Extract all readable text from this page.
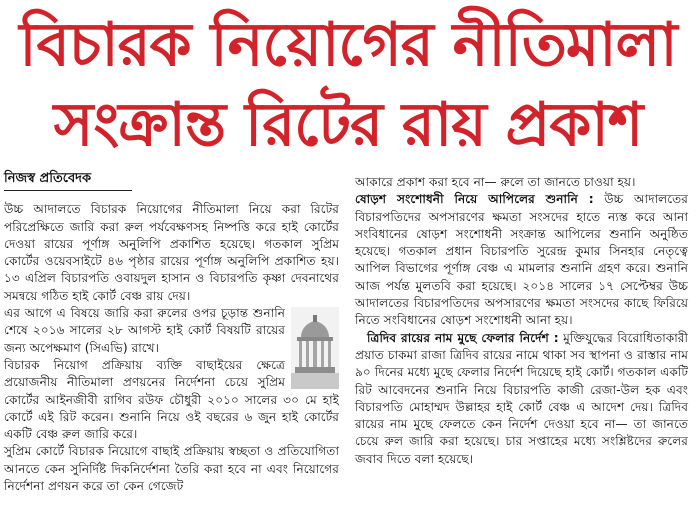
বিচারক নিয়োগের নীতিমালা
সংক্রান্ত রিটের রায় প্রকাশ
নিজস্ব প্রতিবেদক

উচ্চ আদালতে বিচারক নিয়োগের নীতিমালা নিয়ে করা রিটের পরিপ্রেক্ষিতে জারি করা রুল পর্যবেক্ষণসহ নিষ্পত্তি করে হাই কোর্টের দেওয়া রায়ের পূর্ণাঙ্গ অনুলিপি প্রকাশিত হয়েছে। গতকাল সুপ্রিম কোর্টের ওয়েবসাইটে ৪৬ পৃষ্ঠার রায়ের পূর্ণাঙ্গ অনুলিপি প্রকাশিত হয়। ১৩ এপ্রিল বিচারপতি ওবায়দুল হাসান ও বিচারপতি কৃষ্ণা দেবনাথের সমন্বয়ে গঠিত হাই কোর্ট বেঞ্চ রায় দেয়।

এর আগে এ বিষয়ে জারি করা রুলের ওপর চূড়ান্ত শুনানি শেষে ২০১৬ সালের ২৮ আগস্ট হাই কোর্ট বিষয়টি রায়ের জন্য অপেক্ষমাণ (সিএভি) রাখে।

বিচারক নিয়োগ প্রক্রিয়ায় ব্যক্তি বাছাইয়ের ক্ষেত্রে প্রয়োজনীয় নীতিমালা প্রণয়নের নির্দেশনা চেয়ে সুপ্রিম কোর্টের আইনজীবী রাগিব রউফ চৌধুরী ২০১০ সালের ৩০ মে হাই কোর্টে এই রিট করেন। শুনানি নিয়ে ওই বছরের ৬ জুন হাই কোর্টের একটি বেঞ্চ রুল জারি করে।

সুপ্রিম কোর্টে বিচারক নিয়োগে বাছাই প্রক্রিয়ায় স্বচ্ছতা ও প্রতিযোগিতা আনতে কেন সুনির্দিষ্ট দিকনির্দেশনা তৈরি করা হবে না এবং নিয়োগের নির্দেশনা প্রণয়ন করে তা কেন গেজেট

আকারে প্রকাশ করা হবে না— রুলে তা জানতে চাওয়া হয়।

ষোড়শ সংশোধনী নিয়ে আপিলের শুনানি : উচ্চ আদালতের বিচারপতিদের অপসারণের ক্ষমতা সংসদের হাতে ন্যস্ত করে আনা সংবিধানের ষোড়শ সংশোধনী সংক্রান্ত আপিলের শুনানি অনুষ্ঠিত হয়েছে। গতকাল প্রধান বিচারপতি সুরেন্দ্র কুমার সিনহার নেতৃত্বে আপিল বিভাগের পূর্ণাঙ্গ বেঞ্চ এ মামলার শুনানি গ্রহণ করে। শুনানি আজ পর্যন্ত মুলতবি করা হয়েছে। ২০১৪ সালের ১৭ সেপ্টেম্বর উচ্চ আদালতের বিচারপতিদের অপসারণের ক্ষমতা সংসদের কাছে ফিরিয়ে নিতে সংবিধানের ষোড়শ সংশোধনী আনা হয়।

ত্রিদিব রায়ের নাম মুছে ফেলার নির্দেশ : মুক্তিযুদ্ধের বিরোধিতাকারী প্রয়াত চাকমা রাজা ত্রিদিব রায়ের নামে থাকা সব স্থাপনা ও রাস্তার নাম ৯০ দিনের মধ্যে মুছে ফেলার নির্দেশ দিয়েছে হাই কোর্ট। গতকাল একটি রিট আবেদনের শুনানি নিয়ে বিচারপতি কাজী রেজা-উল হক এবং বিচারপতি মোহাম্মদ উল্লাহর হাই কোর্ট বেঞ্চ এ আদেশ দেয়। ত্রিদিব রায়ের নাম মুছে ফেলতে কেন নির্দেশ দেওয়া হবে না— তা জানতে চেয়ে রুল জারি করা হয়েছে। চার সপ্তাহের মধ্যে সংশ্লিষ্টদের রুলের জবাব দিতে বলা হয়েছে।
